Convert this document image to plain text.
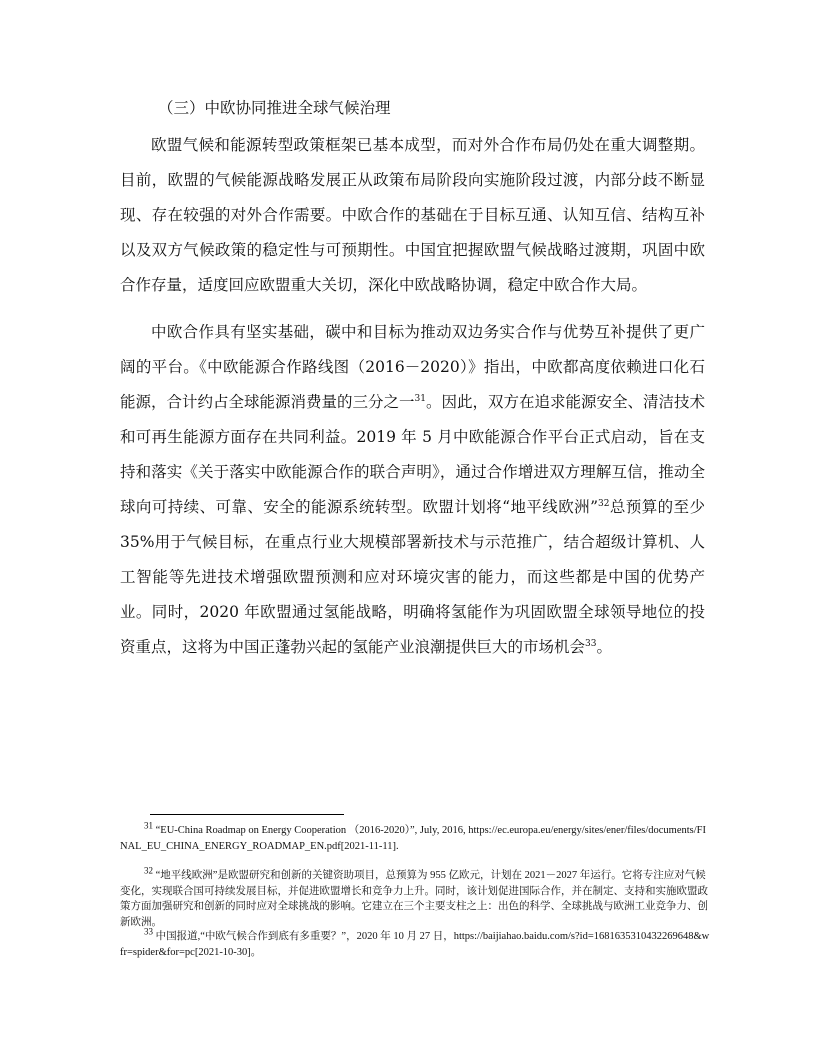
（三）中欧协同推进全球气候治理

欧盟气候和能源转型政策框架已基本成型，而对外合作布局仍处在重大调整期。目前，欧盟的气候能源战略发展正从政策布局阶段向实施阶段过渡，内部分歧不断显现、存在较强的对外合作需要。中欧合作的基础在于目标互通、认知互信、结构互补以及双方气候政策的稳定性与可预期性。中国宜把握欧盟气候战略过渡期，巩固中欧合作存量，适度回应欧盟重大关切，深化中欧战略协调，稳定中欧合作大局。

中欧合作具有坚实基础，碳中和目标为推动双边务实合作与优势互补提供了更广阔的平台。《中欧能源合作路线图（2016－2020）》指出，中欧都高度依赖进口化石能源，合计约占全球能源消费量的三分之一$^{31}$。因此，双方在追求能源安全、清洁技术和可再生能源方面存在共同利益。2019 年 5 月中欧能源合作平台正式启动，旨在支持和落实《关于落实中欧能源合作的联合声明》，通过合作增进双方理解互信，推动全球向可持续、可靠、安全的能源系统转型。欧盟计划将“地平线欧洲”$^{32}$总预算的至少 35%用于气候目标，在重点行业大规模部署新技术与示范推广，结合超级计算机、人工智能等先进技术增强欧盟预测和应对环境灾害的能力，而这些都是中国的优势产业。同时，2020 年欧盟通过氢能战略，明确将氢能作为巩固欧盟全球领导地位的投资重点，这将为中国正蓬勃兴起的氢能产业浪潮提供巨大的市场机会$^{33}$。

$^{31}$ “EU-China Roadmap on Energy Cooperation （2016-2020）”, July, 2016, https://ec.europa.eu/energy/sites/ener/files/documents/FINAL_EU_CHINA_ENERGY_ROADMAP_EN.pdf[2021-11-11].

$^{32}$ “地平线欧洲”是欧盟研究和创新的关键资助项目，总预算为 955 亿欧元，计划在 2021－2027 年运行。它将专注应对气候变化，实现联合国可持续发展目标，并促进欧盟增长和竞争力上升。同时，该计划促进国际合作，并在制定、支持和实施欧盟政策方面加强研究和创新的同时应对全球挑战的影响。它建立在三个主要支柱之上：出色的科学、全球挑战与欧洲工业竞争力、创新欧洲。

$^{33}$ 中国报道,“中欧气候合作到底有多重要？”，2020 年 10 月 27 日，https://baijiahao.baidu.com/s?id=1681635310432269648&wfr=spider&for=pc[2021-10-30]。
